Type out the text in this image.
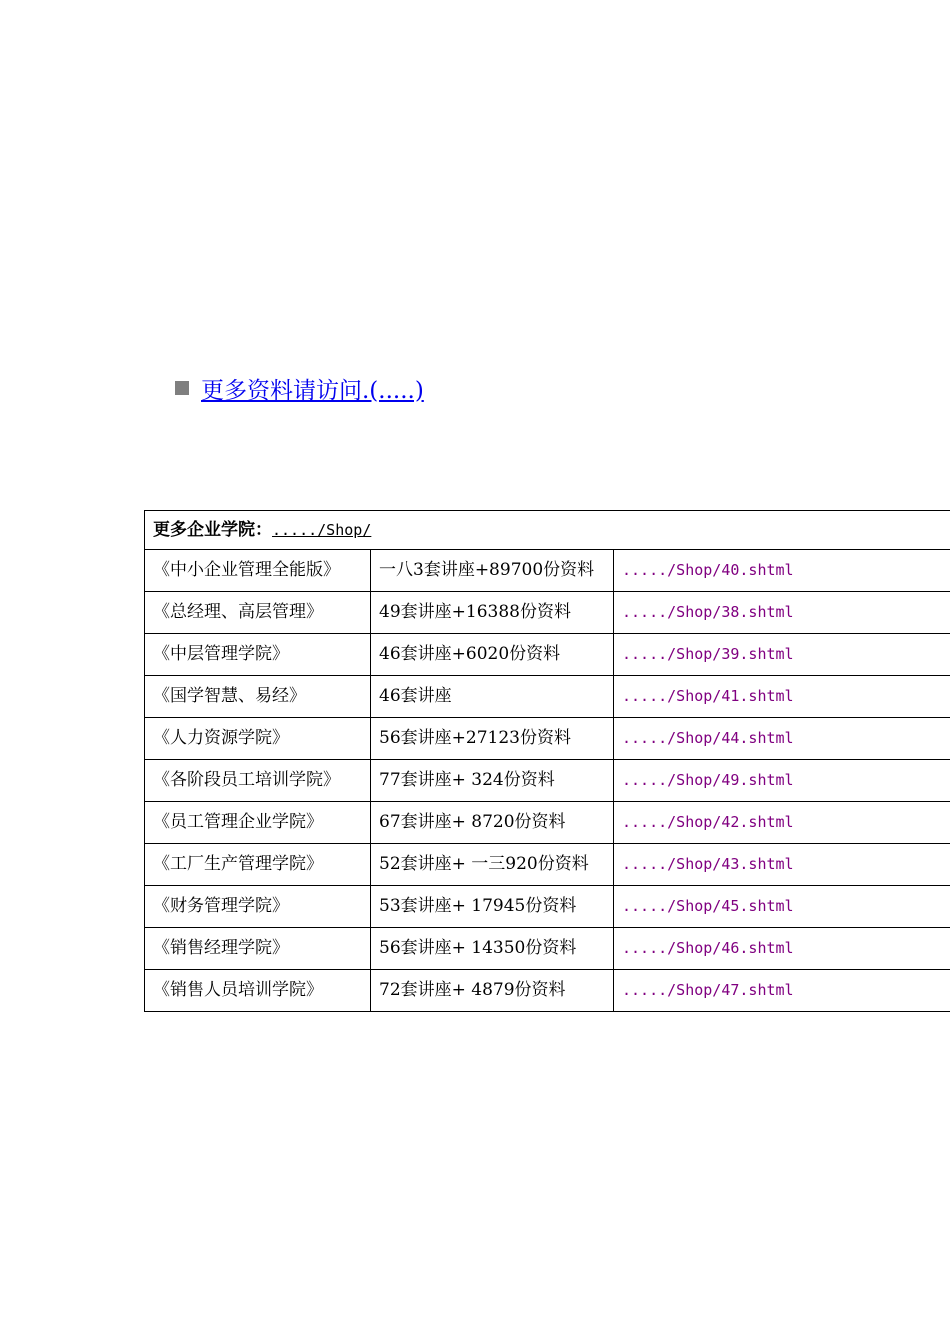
更多资料请访问.(.....)
更多企业学院：...../Shop/		
《中小企业管理全能版》	一八3套讲座+89700份资料	...../Shop/40.shtml
《总经理、高层管理》	49套讲座+16388份资料	...../Shop/38.shtml
《中层管理学院》	46套讲座+6020份资料	...../Shop/39.shtml
《国学智慧、易经》	46套讲座	...../Shop/41.shtml
《人力资源学院》	56套讲座+27123份资料	...../Shop/44.shtml
《各阶段员工培训学院》	77套讲座+ 324份资料	...../Shop/49.shtml
《员工管理企业学院》	67套讲座+ 8720份资料	...../Shop/42.shtml
《工厂生产管理学院》	52套讲座+ 一三920份资料	...../Shop/43.shtml
《财务管理学院》	53套讲座+ 17945份资料	...../Shop/45.shtml
《销售经理学院》	56套讲座+ 14350份资料	...../Shop/46.shtml
《销售人员培训学院》	72套讲座+ 4879份资料	...../Shop/47.shtml
